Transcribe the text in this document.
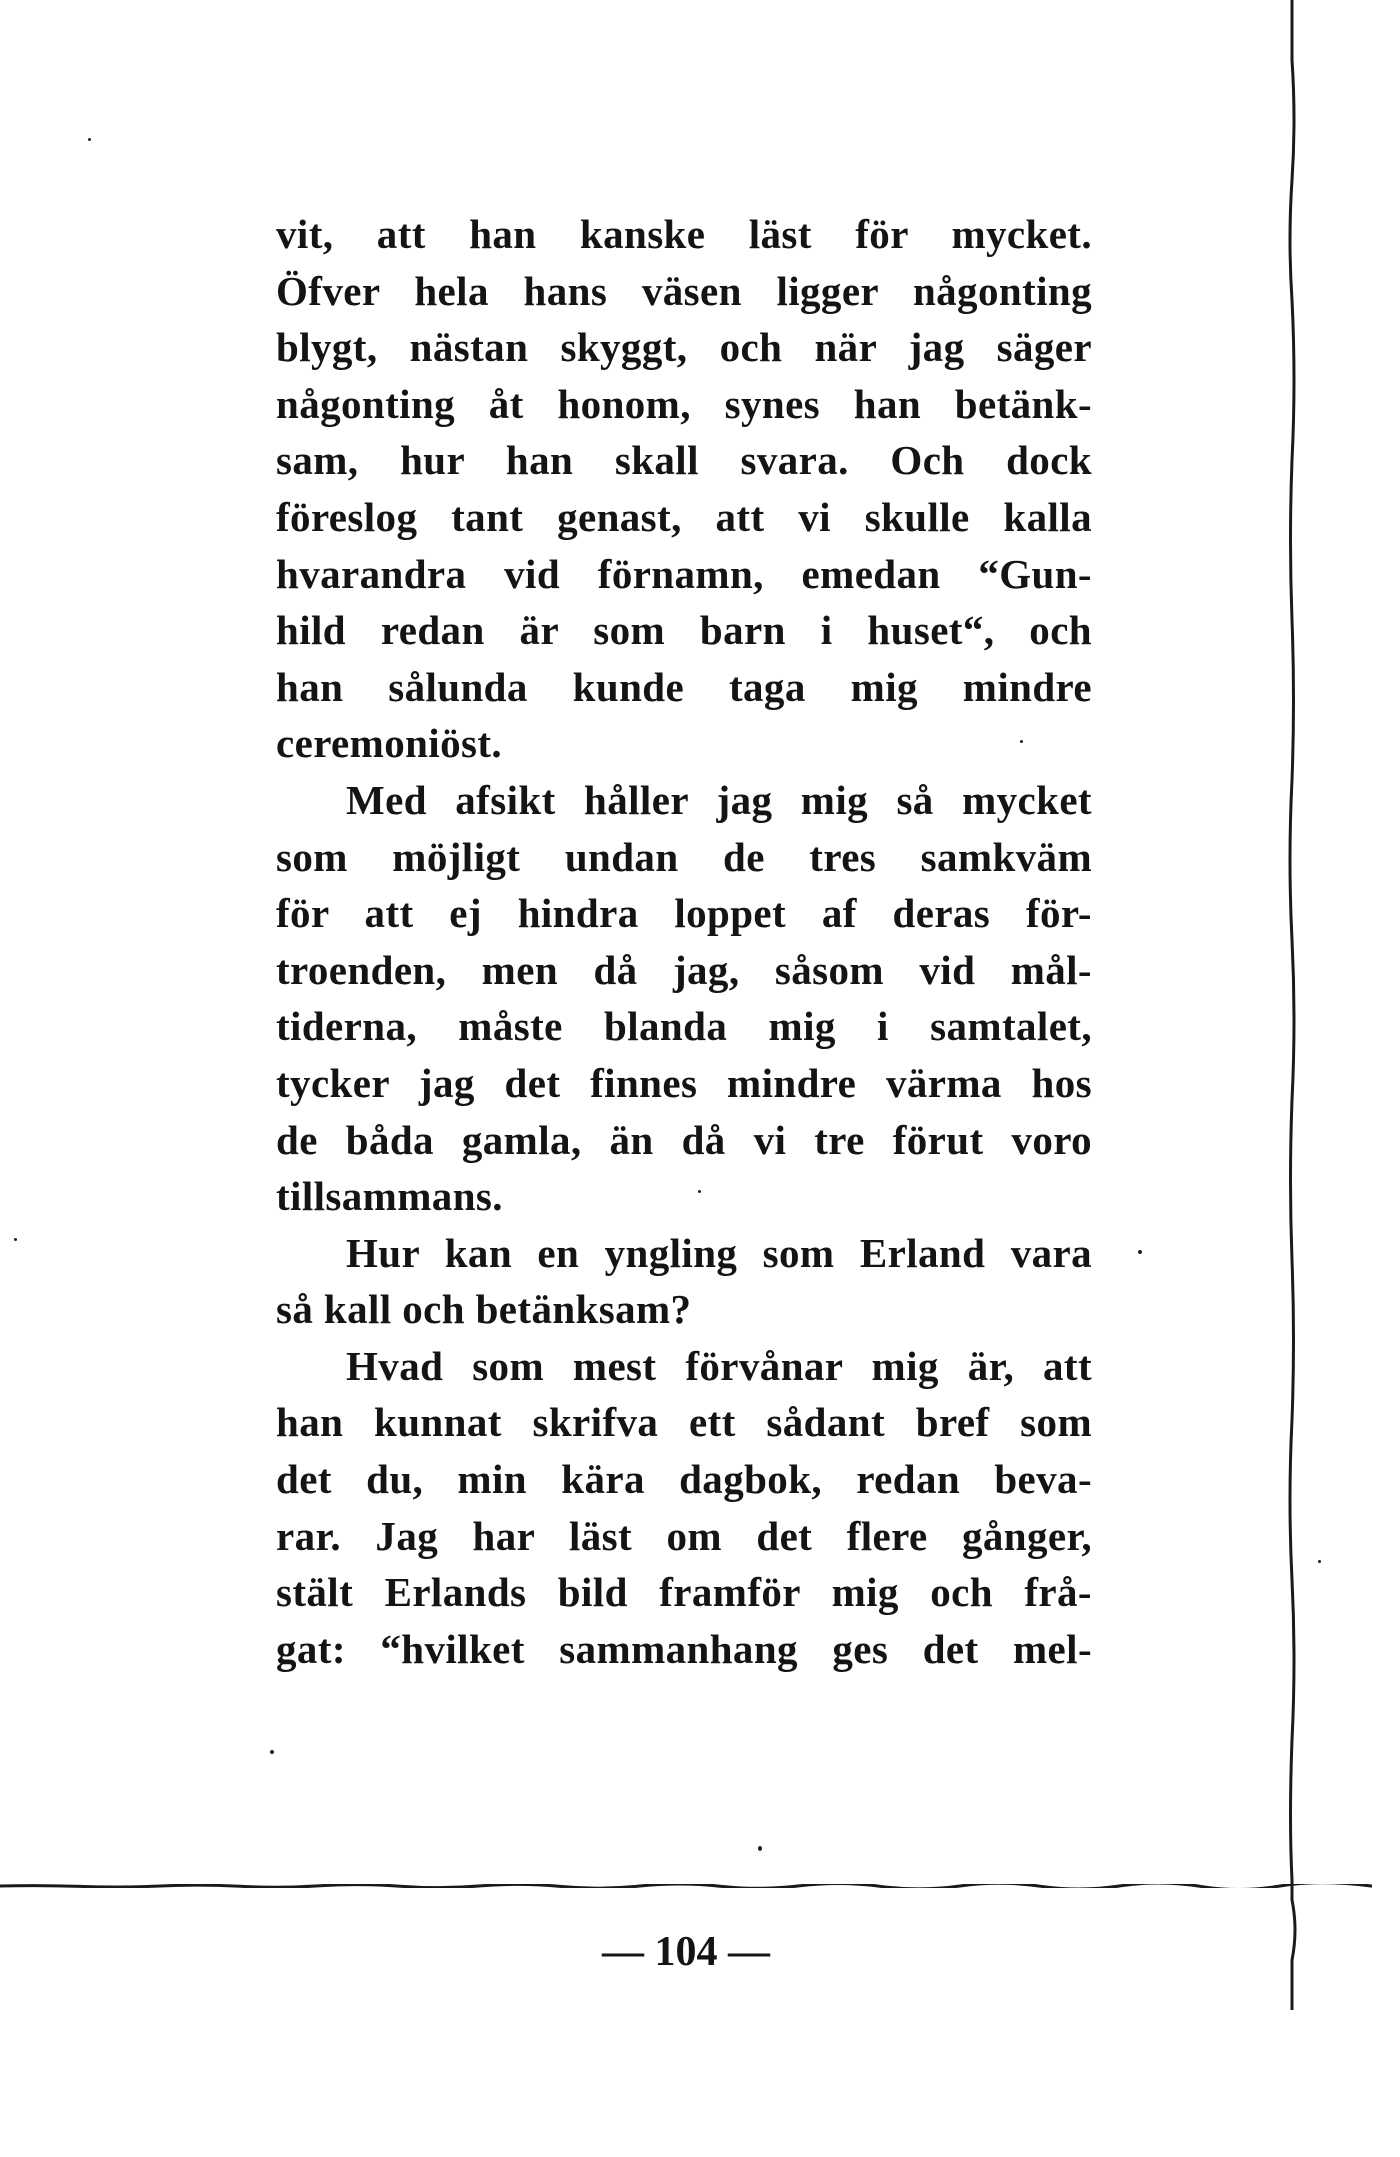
vit, att han kanske läst för mycket.
Öfver hela hans väsen ligger någonting
blygt, nästan skyggt, och när jag säger
någonting åt honom, synes han betänk-
sam, hur han skall svara. Och dock
föreslog tant genast, att vi skulle kalla
hvarandra vid förnamn, emedan “Gun-
hild redan är som barn i huset“, och
han sålunda kunde taga mig mindre
ceremoniöst.
Med afsikt håller jag mig så mycket
som möjligt undan de tres samkväm
för att ej hindra loppet af deras för-
troenden, men då jag, såsom vid mål-
tiderna, måste blanda mig i samtalet,
tycker jag det finnes mindre värma hos
de båda gamla, än då vi tre förut voro
tillsammans.
Hur kan en yngling som Erland vara
så kall och betänksam?
Hvad som mest förvånar mig är, att
han kunnat skrifva ett sådant bref som
det du, min kära dagbok, redan beva-
rar. Jag har läst om det flere gånger,
stält Erlands bild framför mig och frå-
gat: “hvilket sammanhang ges det mel-
— 104 —
